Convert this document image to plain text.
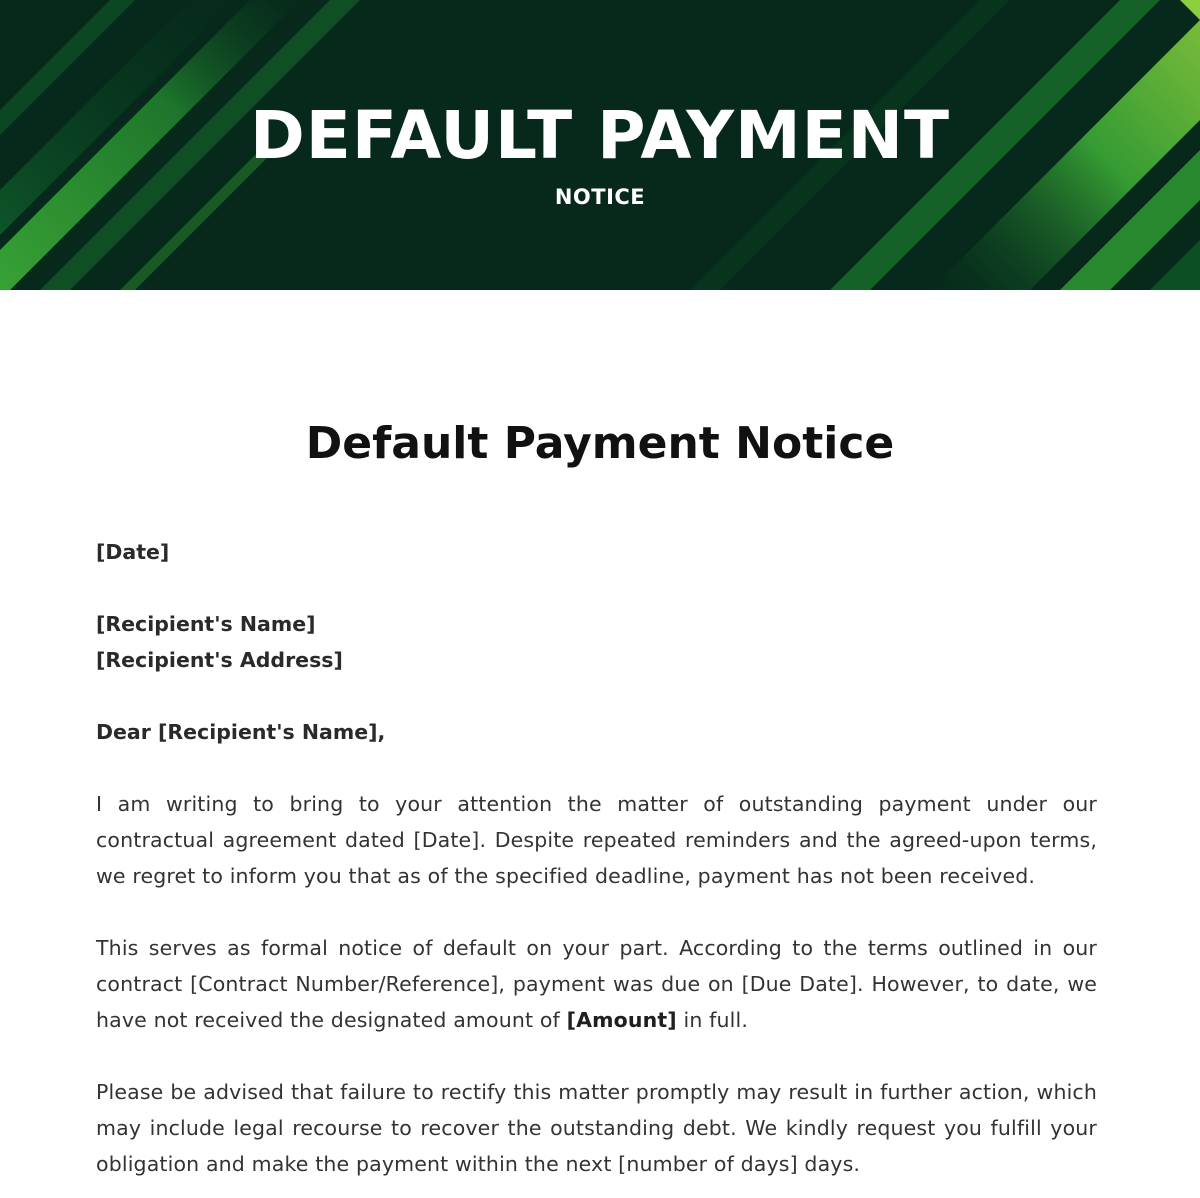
DEFAULT PAYMENT
NOTICE
Default Payment Notice

[Date]

[Recipient's Name]

[Recipient's Address]

Dear [Recipient's Name],

I am writing to bring to your attention the matter of outstanding payment under our contractual agreement dated [Date]. Despite repeated reminders and the agreed-upon terms, we regret to inform you that as of the specified deadline, payment has not been received.

This serves as formal notice of default on your part. According to the terms outlined in our contract [Contract Number/Reference], payment was due on [Due Date]. However, to date, we have not received the designated amount of [Amount] in full.

Please be advised that failure to rectify this matter promptly may result in further action, which may include legal recourse to recover the outstanding debt. We kindly request you fulfill your obligation and make the payment within the next [number of days] days.
